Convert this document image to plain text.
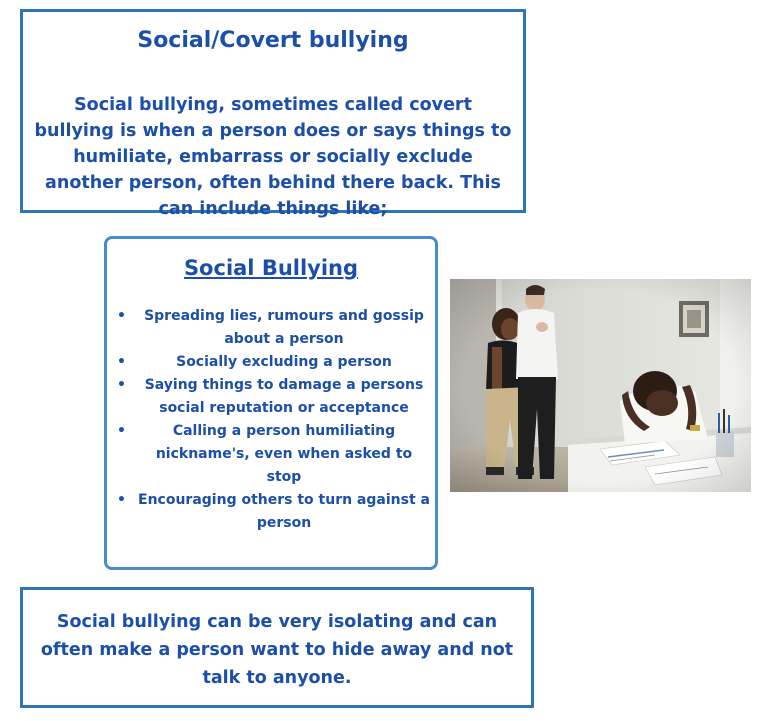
Social/Covert bullying
Social bullying, sometimes called covert bullying is when a person does or says things to humiliate, embarrass or socially exclude another person, often behind there back. This can include things like;
Social Bullying
• Spreading lies, rumours and gossip about a person
•	Socially excluding a person
• Saying things to damage a persons social reputation or acceptance
•	Calling a person humiliating nickname's, even when asked to stop
• Encouraging others to turn against a person
Social bullying can be very isolating and can often make a person want to hide away and not talk to anyone.
